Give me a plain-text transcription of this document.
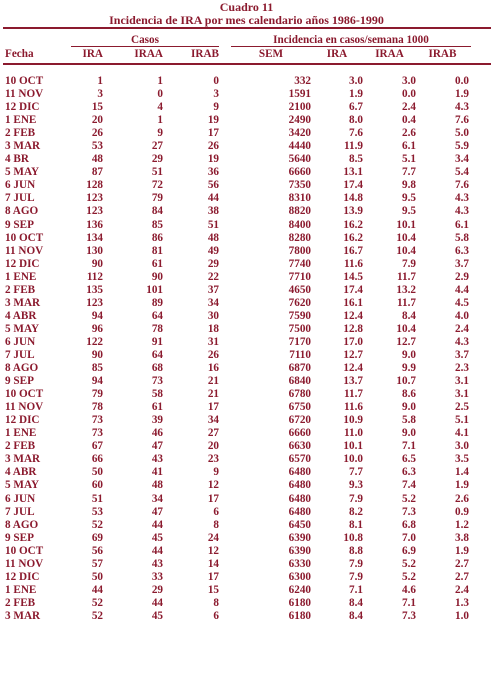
Cuadro 11
Incidencia de IRA por mes calendario años 1986-1990

	Casos				Incidencia en casos/semana 1000				
Fecha	IRA	IRAA	IRAB		SEM	IRA	IRAA	IRAB	

10 OCT	1	1	0		332	3.0	3.0	0.0	
11 NOV	3	0	3		1591	1.9	0.0	1.9	
12 DIC	15	4	9		2100	6.7	2.4	4.3	
1 ENE	20	1	19		2490	8.0	0.4	7.6	
2 FEB	26	9	17		3420	7.6	2.6	5.0	
3 MAR	53	27	26		4440	11.9	6.1	5.9	
4 BR	48	29	19		5640	8.5	5.1	3.4	
5 MAY	87	51	36		6660	13.1	7.7	5.4	
6 JUN	128	72	56		7350	17.4	9.8	7.6	
7 JUL	123	79	44		8310	14.8	9.5	4.3	
8 AGO	123	84	38		8820	13.9	9.5	4.3	
9 SEP	136	85	51		8400	16.2	10.1	6.1	
10 OCT	134	86	48		8280	16.2	10.4	5.8	
11 NOV	130	81	49		7800	16.7	10.4	6.3	
12 DIC	90	61	29		7740	11.6	7.9	3.7	
1 ENE	112	90	22		7710	14.5	11.7	2.9	
2 FEB	135	101	37		4650	17.4	13.2	4.4	
3 MAR	123	89	34		7620	16.1	11.7	4.5	
4 ABR	94	64	30		7590	12.4	8.4	4.0	
5 MAY	96	78	18		7500	12.8	10.4	2.4	
6 JUN	122	91	31		7170	17.0	12.7	4.3	
7 JUL	90	64	26		7110	12.7	9.0	3.7	
8 AGO	85	68	16		6870	12.4	9.9	2.3	
9 SEP	94	73	21		6840	13.7	10.7	3.1	
10 OCT	79	58	21		6780	11.7	8.6	3.1	
11 NOV	78	61	17		6750	11.6	9.0	2.5	
12 DIC	73	39	34		6720	10.9	5.8	5.1	
1 ENE	73	46	27		6660	11.0	9.0	4.1	
2 FEB	67	47	20		6630	10.1	7.1	3.0	
3 MAR	66	43	23		6570	10.0	6.5	3.5	
4 ABR	50	41	9		6480	7.7	6.3	1.4	
5 MAY	60	48	12		6480	9.3	7.4	1.9	
6 JUN	51	34	17		6480	7.9	5.2	2.6	
7 JUL	53	47	6		6480	8.2	7.3	0.9	
8 AGO	52	44	8		6450	8.1	6.8	1.2	
9 SEP	69	45	24		6390	10.8	7.0	3.8	
10 OCT	56	44	12		6390	8.8	6.9	1.9	
11 NOV	57	43	14		6330	7.9	5.2	2.7	
12 DIC	50	33	17		6300	7.9	5.2	2.7	
1 ENE	44	29	15		6240	7.1	4.6	2.4	
2 FEB	52	44	8		6180	8.4	7.1	1.3	
3 MAR	52	45	6		6180	8.4	7.3	1.0	
